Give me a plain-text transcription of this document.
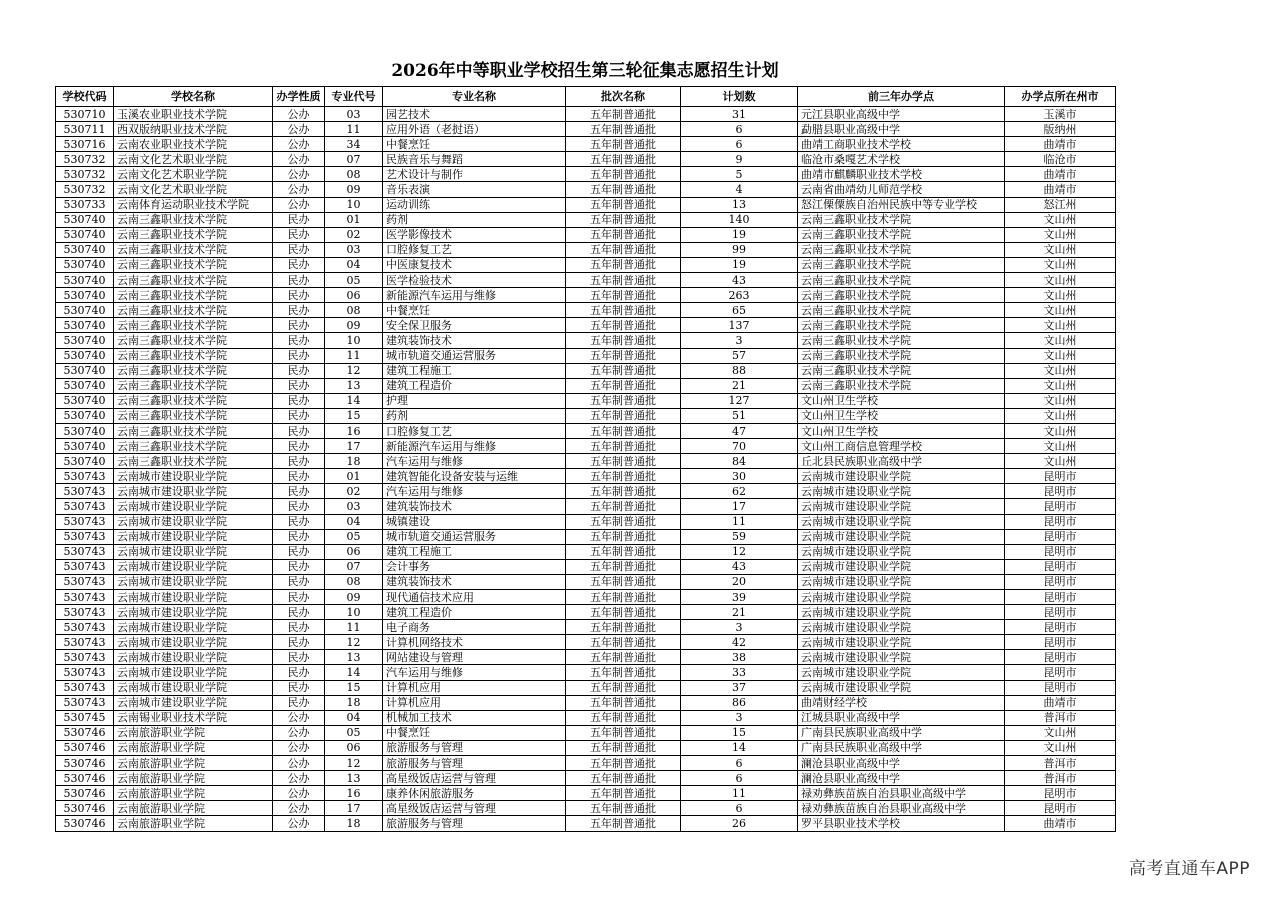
2026年中等职业学校招生第三轮征集志愿招生计划
学校代码	学校名称	办学性质	专业代号	专业名称	批次名称	计划数	前三年办学点	办学点所在州市
530710	玉溪农业职业技术学院	公办	03	园艺技术	五年制普通批	31	元江县职业高级中学	玉溪市
530711	西双版纳职业技术学院	公办	11	应用外语（老挝语）	五年制普通批	6	勐腊县职业高级中学	版纳州
530716	云南农业职业技术学院	公办	34	中餐烹饪	五年制普通批	6	曲靖工商职业技术学校	曲靖市
530732	云南文化艺术职业学院	公办	07	民族音乐与舞蹈	五年制普通批	9	临沧市桑嘎艺术学校	临沧市
530732	云南文化艺术职业学院	公办	08	艺术设计与制作	五年制普通批	5	曲靖市麒麟职业技术学校	曲靖市
530732	云南文化艺术职业学院	公办	09	音乐表演	五年制普通批	4	云南省曲靖幼儿师范学校	曲靖市
530733	云南体育运动职业技术学院	公办	10	运动训练	五年制普通批	13	怒江傈僳族自治州民族中等专业学校	怒江州
530740	云南三鑫职业技术学院	民办	01	药剂	五年制普通批	140	云南三鑫职业技术学院	文山州
530740	云南三鑫职业技术学院	民办	02	医学影像技术	五年制普通批	19	云南三鑫职业技术学院	文山州
530740	云南三鑫职业技术学院	民办	03	口腔修复工艺	五年制普通批	99	云南三鑫职业技术学院	文山州
530740	云南三鑫职业技术学院	民办	04	中医康复技术	五年制普通批	19	云南三鑫职业技术学院	文山州
530740	云南三鑫职业技术学院	民办	05	医学检验技术	五年制普通批	43	云南三鑫职业技术学院	文山州
530740	云南三鑫职业技术学院	民办	06	新能源汽车运用与维修	五年制普通批	263	云南三鑫职业技术学院	文山州
530740	云南三鑫职业技术学院	民办	08	中餐烹饪	五年制普通批	65	云南三鑫职业技术学院	文山州
530740	云南三鑫职业技术学院	民办	09	安全保卫服务	五年制普通批	137	云南三鑫职业技术学院	文山州
530740	云南三鑫职业技术学院	民办	10	建筑装饰技术	五年制普通批	3	云南三鑫职业技术学院	文山州
530740	云南三鑫职业技术学院	民办	11	城市轨道交通运营服务	五年制普通批	57	云南三鑫职业技术学院	文山州
530740	云南三鑫职业技术学院	民办	12	建筑工程施工	五年制普通批	88	云南三鑫职业技术学院	文山州
530740	云南三鑫职业技术学院	民办	13	建筑工程造价	五年制普通批	21	云南三鑫职业技术学院	文山州
530740	云南三鑫职业技术学院	民办	14	护理	五年制普通批	127	文山州卫生学校	文山州
530740	云南三鑫职业技术学院	民办	15	药剂	五年制普通批	51	文山州卫生学校	文山州
530740	云南三鑫职业技术学院	民办	16	口腔修复工艺	五年制普通批	47	文山州卫生学校	文山州
530740	云南三鑫职业技术学院	民办	17	新能源汽车运用与维修	五年制普通批	70	文山州工商信息管理学校	文山州
530740	云南三鑫职业技术学院	民办	18	汽车运用与维修	五年制普通批	84	丘北县民族职业高级中学	文山州
530743	云南城市建设职业学院	民办	01	建筑智能化设备安装与运维	五年制普通批	30	云南城市建设职业学院	昆明市
530743	云南城市建设职业学院	民办	02	汽车运用与维修	五年制普通批	62	云南城市建设职业学院	昆明市
530743	云南城市建设职业学院	民办	03	建筑装饰技术	五年制普通批	17	云南城市建设职业学院	昆明市
530743	云南城市建设职业学院	民办	04	城镇建设	五年制普通批	11	云南城市建设职业学院	昆明市
530743	云南城市建设职业学院	民办	05	城市轨道交通运营服务	五年制普通批	59	云南城市建设职业学院	昆明市
530743	云南城市建设职业学院	民办	06	建筑工程施工	五年制普通批	12	云南城市建设职业学院	昆明市
530743	云南城市建设职业学院	民办	07	会计事务	五年制普通批	43	云南城市建设职业学院	昆明市
530743	云南城市建设职业学院	民办	08	建筑装饰技术	五年制普通批	20	云南城市建设职业学院	昆明市
530743	云南城市建设职业学院	民办	09	现代通信技术应用	五年制普通批	39	云南城市建设职业学院	昆明市
530743	云南城市建设职业学院	民办	10	建筑工程造价	五年制普通批	21	云南城市建设职业学院	昆明市
530743	云南城市建设职业学院	民办	11	电子商务	五年制普通批	3	云南城市建设职业学院	昆明市
530743	云南城市建设职业学院	民办	12	计算机网络技术	五年制普通批	42	云南城市建设职业学院	昆明市
530743	云南城市建设职业学院	民办	13	网站建设与管理	五年制普通批	38	云南城市建设职业学院	昆明市
530743	云南城市建设职业学院	民办	14	汽车运用与维修	五年制普通批	33	云南城市建设职业学院	昆明市
530743	云南城市建设职业学院	民办	15	计算机应用	五年制普通批	37	云南城市建设职业学院	昆明市
530743	云南城市建设职业学院	民办	18	计算机应用	五年制普通批	86	曲靖财经学校	曲靖市
530745	云南锡业职业技术学院	公办	04	机械加工技术	五年制普通批	3	江城县职业高级中学	普洱市
530746	云南旅游职业学院	公办	05	中餐烹饪	五年制普通批	15	广南县民族职业高级中学	文山州
530746	云南旅游职业学院	公办	06	旅游服务与管理	五年制普通批	14	广南县民族职业高级中学	文山州
530746	云南旅游职业学院	公办	12	旅游服务与管理	五年制普通批	6	澜沧县职业高级中学	普洱市
530746	云南旅游职业学院	公办	13	高星级饭店运营与管理	五年制普通批	6	澜沧县职业高级中学	普洱市
530746	云南旅游职业学院	公办	16	康养休闲旅游服务	五年制普通批	11	禄劝彝族苗族自治县职业高级中学	昆明市
530746	云南旅游职业学院	公办	17	高星级饭店运营与管理	五年制普通批	6	禄劝彝族苗族自治县职业高级中学	昆明市
530746	云南旅游职业学院	公办	18	旅游服务与管理	五年制普通批	26	罗平县职业技术学校	曲靖市
高考直通车APP
